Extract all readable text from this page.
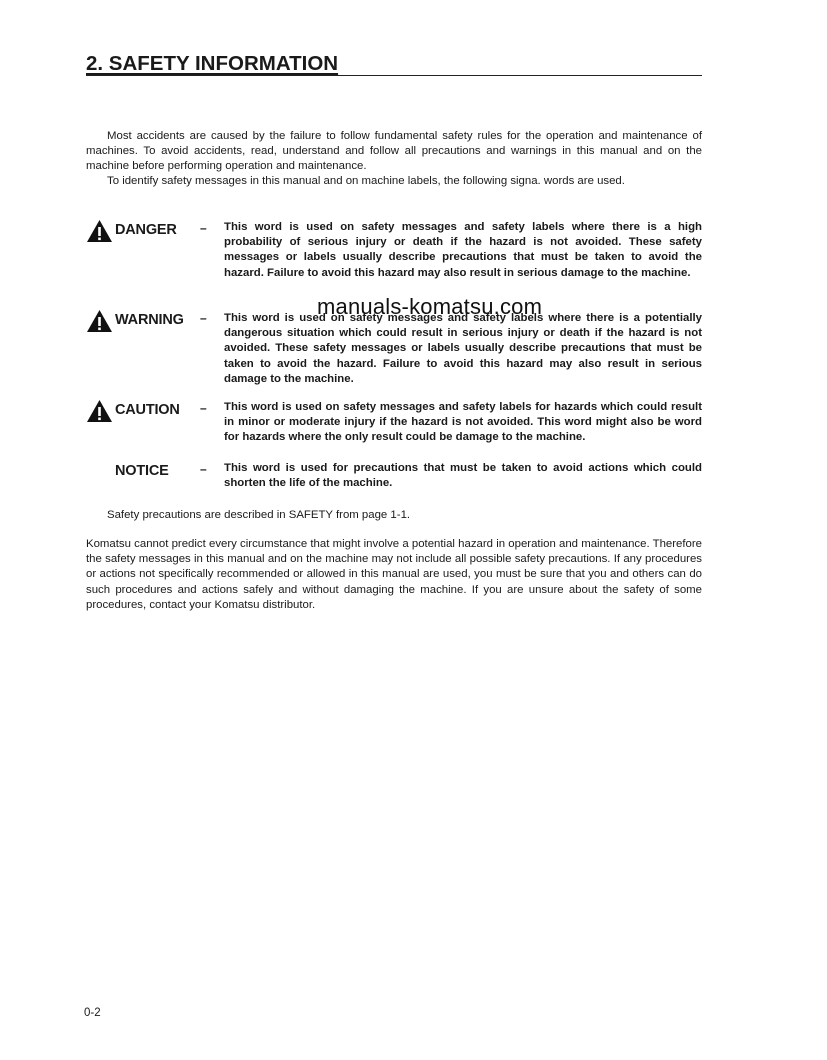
2. SAFETY INFORMATION

Most accidents are caused by the failure to follow fundamental safety rules for the operation and maintenance of machines. To avoid accidents, read, understand and follow all precautions and warnings in this manual and on the machine before performing operation and maintenance.

To identify safety messages in this manual and on machine labels, the following signa. words are used.

DANGER – This word is used on safety messages and safety labels where there is a high probability of serious injury or death if the hazard is not avoided. These safety messages or labels usually describe precautions that must be taken to avoid the hazard. Failure to avoid this hazard may also result in serious damage to the machine.

WARNING – This word is used on safety messages and safety labels where there is a potentially dangerous situation which could result in serious injury or death if the hazard is not avoided. These safety messages or labels usually describe precautions that must be taken to avoid the hazard. Failure to avoid this hazard may also result in serious damage to the machine.

CAUTION – This word is used on safety messages and safety labels for hazards which could result in minor or moderate injury if the hazard is not avoided. This word might also be word for hazards where the only result could be damage to the machine.

NOTICE	– This word is used for precautions that must be taken to avoid actions which could shorten the life of the machine.

Safety precautions are described in SAFETY from page 1-1.

Komatsu cannot predict every circumstance that might involve a potential hazard in operation and maintenance. Therefore the safety messages in this manual and on the machine may not include all possible safety precautions. If any procedures or actions not specifically recommended or allowed in this manual are used, you must be sure that you and others can do such procedures and actions safely and without damaging the machine. If you are unsure about the safety of some procedures, contact your Komatsu distributor.

manuals-komatsu.com

0-2
